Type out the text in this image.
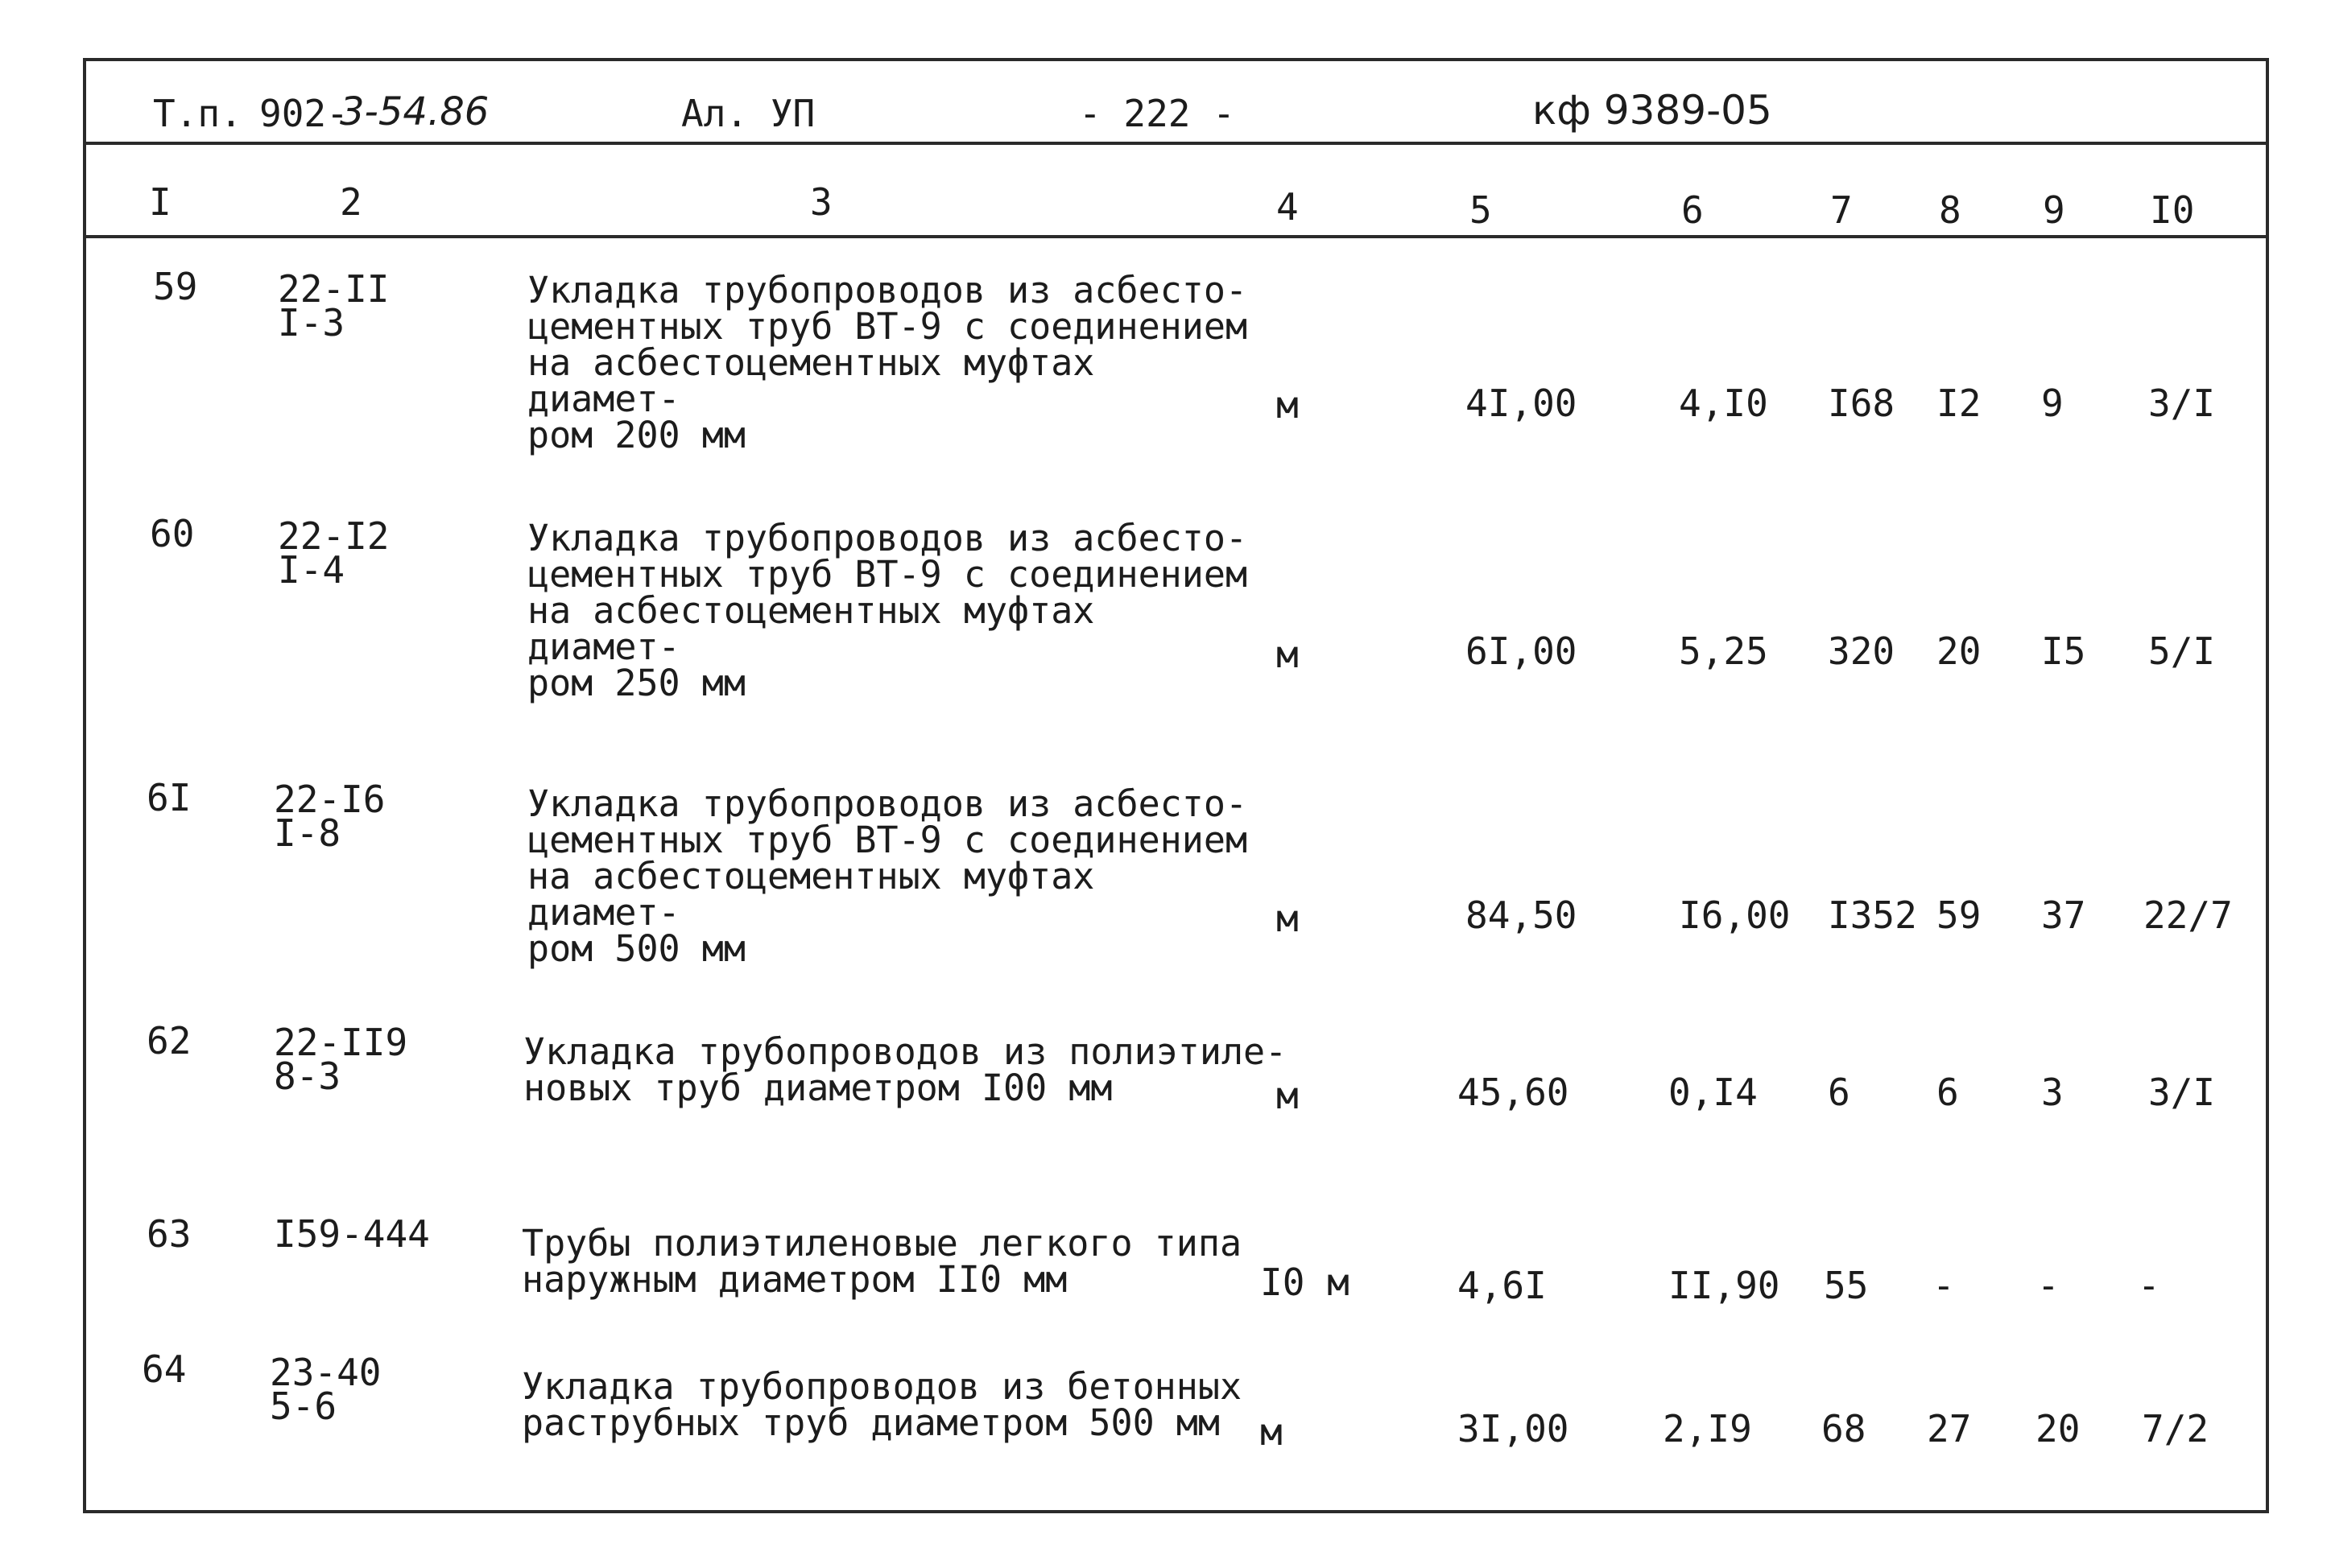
Т.п. 902-
3-54.86	Ал. УП	- 222 -	кф 9389-05
I	2	3	4	5	6	7 8 9 I0
59 22-II
I-3
Укладка трубопроводов из асбесто-
цементных труб ВТ-9 с соединением
на асбестоцементных муфтах диамет-
ром 200 мм
м	4I,00	4,I0 I68 I2 9 3/I
60 22-I2
I-4
Укладка трубопроводов из асбесто-
цементных труб ВТ-9 с соединением
на асбестоцементных муфтах диамет-
ром 250 мм
м	6I,00	5,25 320 20 I5 5/I
6I 22-I6
I-8
Укладка трубопроводов из асбесто-
цементных труб ВТ-9 с соединением
на асбестоцементных муфтах диамет-
ром 500 мм
м	84,50	I6,00 I352 59 37 22/7
62 22-II9
8-3
Укладка трубопроводов из полиэтиле-
новых труб диаметром I00 мм	м	45,60	0,I4 6 6 3 3/I
63 I59-444	Трубы полиэтиленовые легкого типа
наружным диаметром II0 мм	I0 м	4,6I	II,90 55 - - -
64 23-40
5-6	Укладка трубопроводов из бетонных
раструбных труб диаметром 500 мм	м	3I,00	2,I9 68 27 20 7/2
